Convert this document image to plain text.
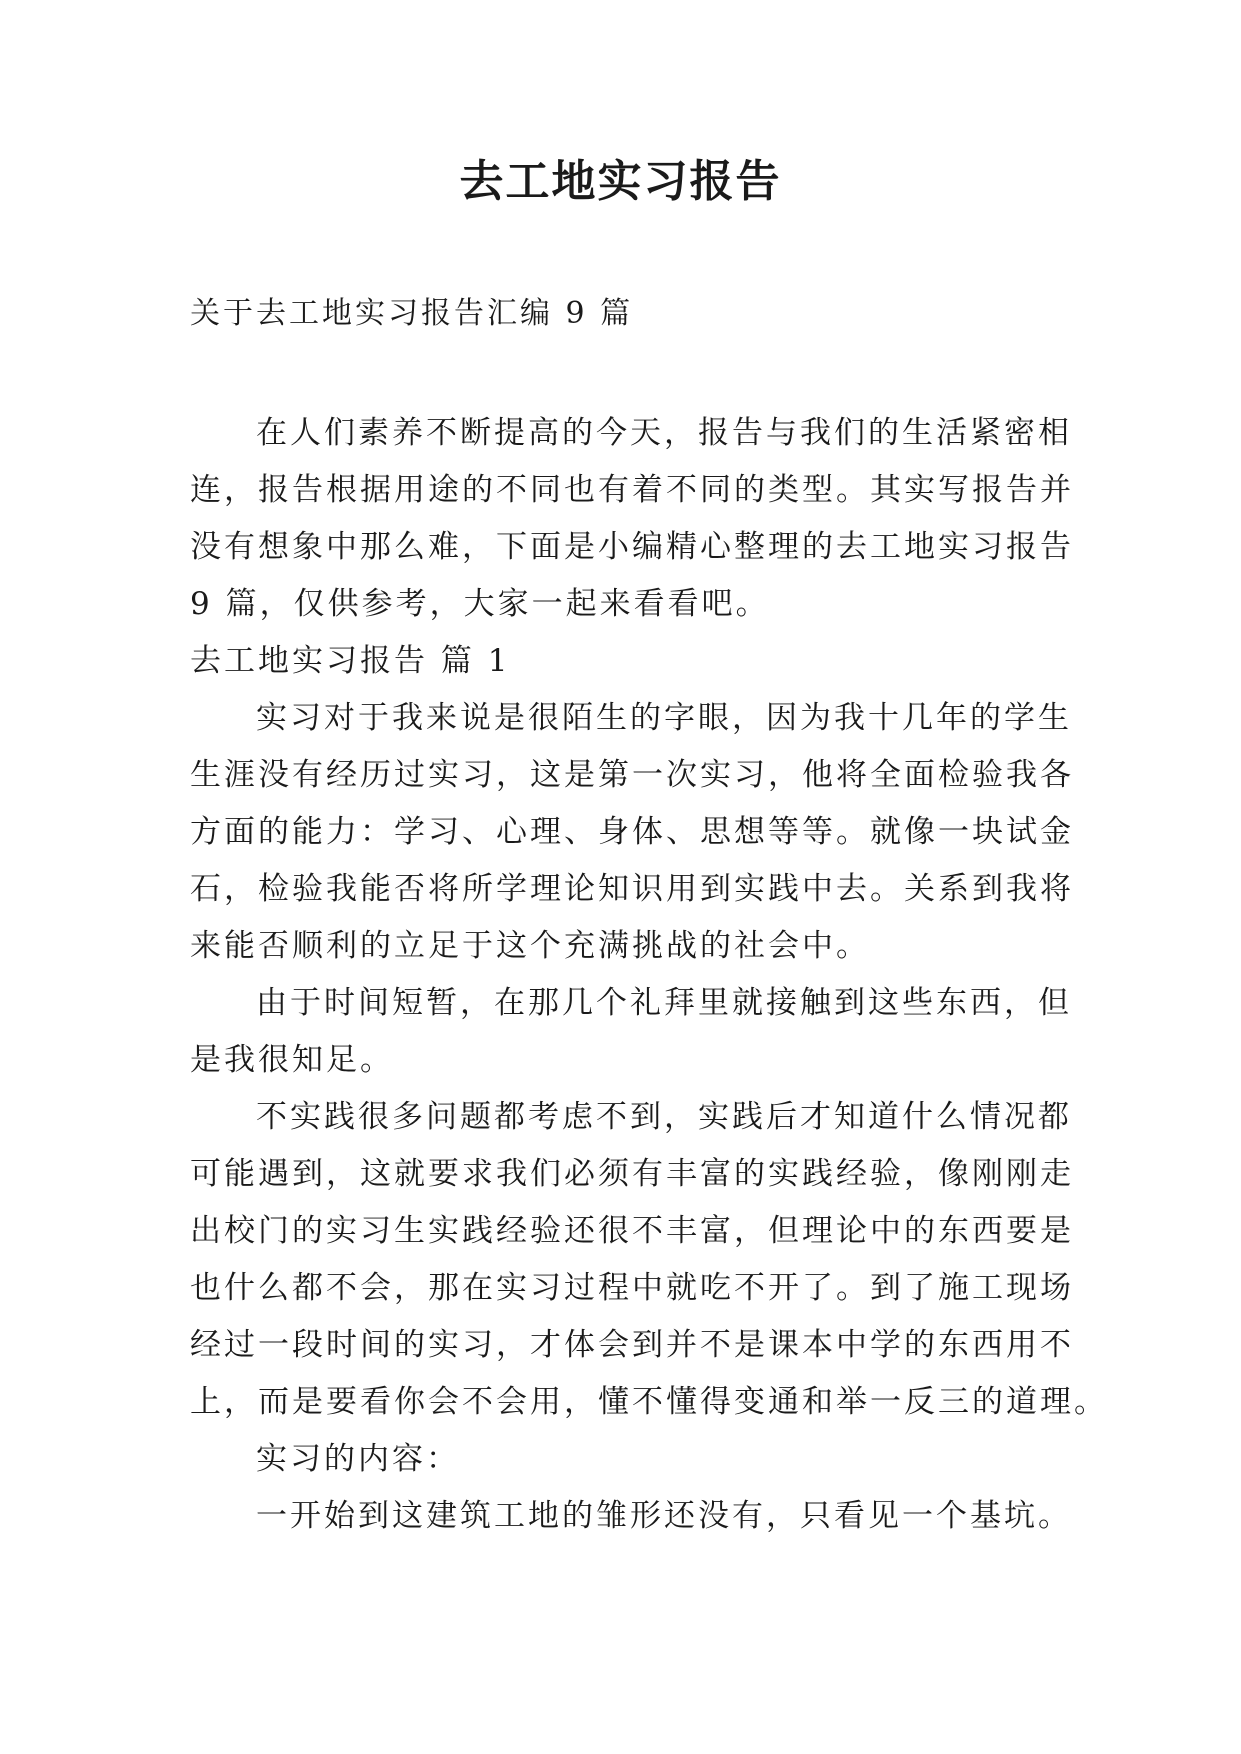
去工地实习报告
关于去工地实习报告汇编 9 篇
在人们素养不断提高的今天，报告与我们的生活紧密相
连，报告根据用途的不同也有着不同的类型。其实写报告并
没有想象中那么难，下面是小编精心整理的去工地实习报告
9 篇，仅供参考，大家一起来看看吧。
去工地实习报告 篇 1
实习对于我来说是很陌生的字眼，因为我十几年的学生
生涯没有经历过实习，这是第一次实习，他将全面检验我各
方面的能力：学习、心理、身体、思想等等。就像一块试金
石，检验我能否将所学理论知识用到实践中去。关系到我将
来能否顺利的立足于这个充满挑战的社会中。
由于时间短暂，在那几个礼拜里就接触到这些东西，但
是我很知足。
不实践很多问题都考虑不到，实践后才知道什么情况都
可能遇到，这就要求我们必须有丰富的实践经验，像刚刚走
出校门的实习生实践经验还很不丰富，但理论中的东西要是
也什么都不会，那在实习过程中就吃不开了。到了施工现场
经过一段时间的实习，才体会到并不是课本中学的东西用不
上，而是要看你会不会用，懂不懂得变通和举一反三的道理。
实习的内容：
一开始到这建筑工地的雏形还没有，只看见一个基坑。
